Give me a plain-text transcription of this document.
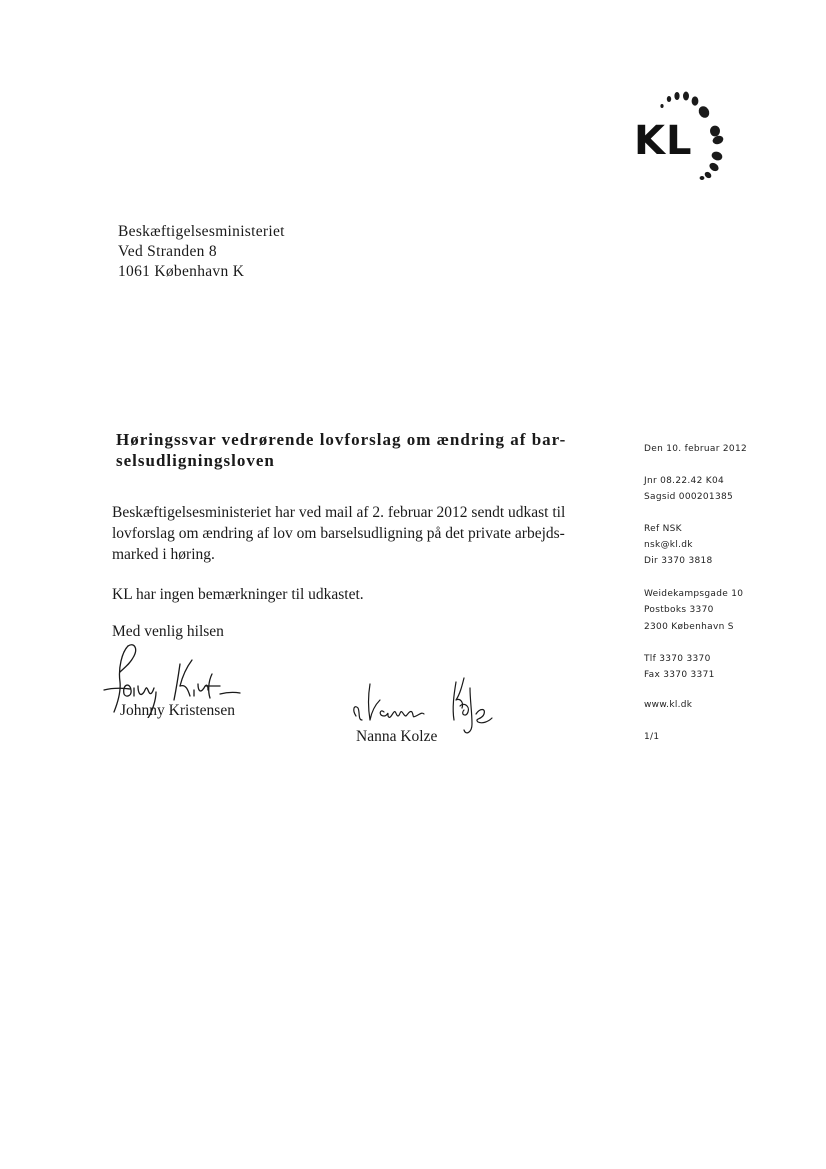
KL
Beskæftigelsesministeriet
Ved Stranden 8
1061 København K
Høringssvar vedrørende lovforslag om ændring af bar-
selsudligningsloven
Beskæftigelsesministeriet har ved mail af 2. februar 2012 sendt udkast til
lovforslag om ændring af lov om barselsudligning på det private arbejds-
marked i høring.
KL har ingen bemærkninger til udkastet.
Med venlig hilsen
Johnny Kristensen
Nanna Kolze
Den 10. februar 2012
Jnr 08.22.42 K04
Sagsid 000201385
Ref NSK
nsk@kl.dk
Dir 3370 3818
Weidekampsgade 10
Postboks 3370
2300 København S
Tlf 3370 3370
Fax 3370 3371
www.kl.dk
1/1
